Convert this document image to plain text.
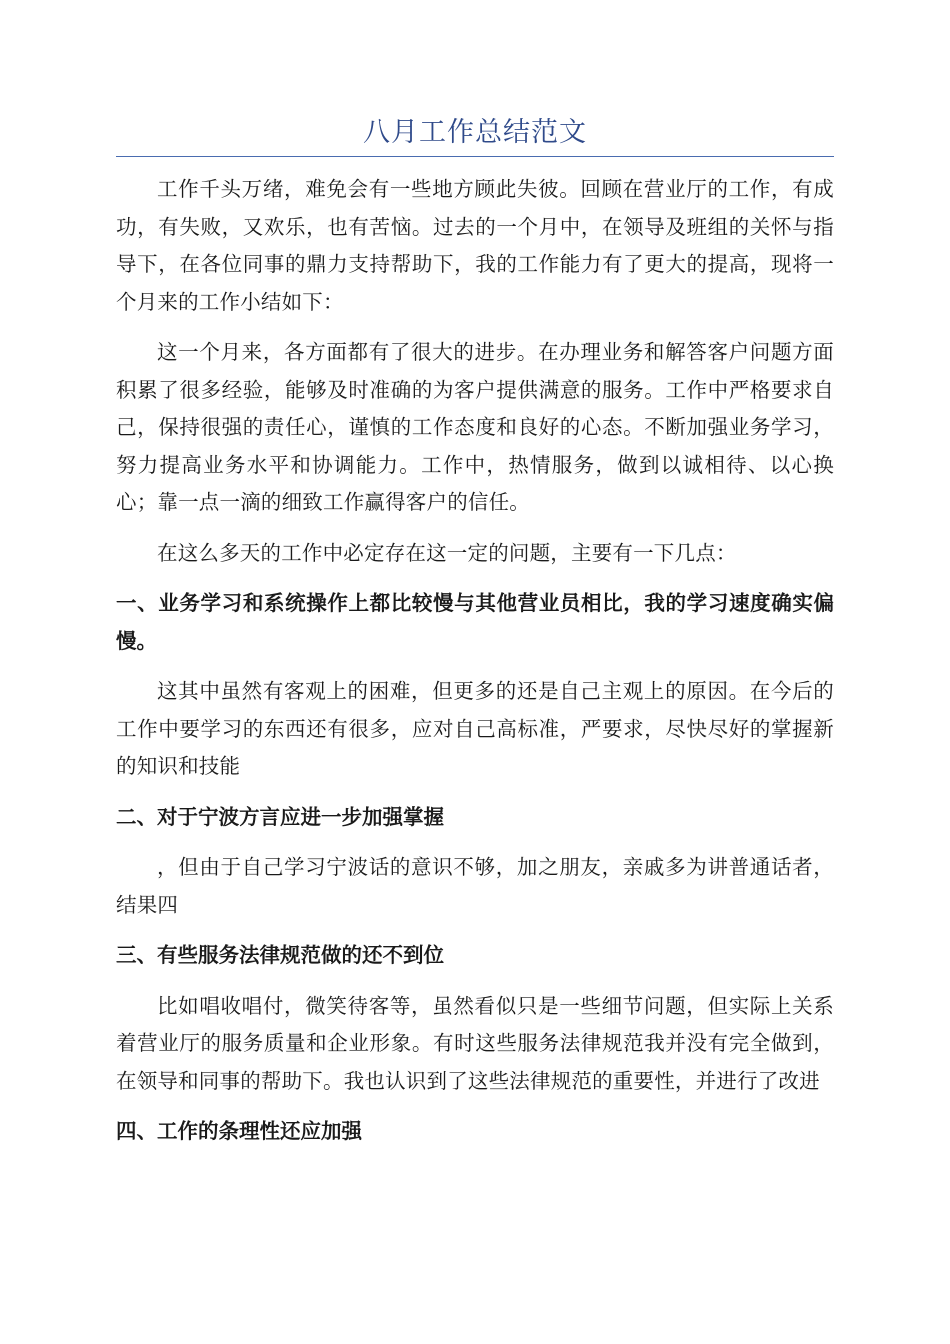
八月工作总结范文

工作千头万绪，难免会有一些地方顾此失彼。回顾在营业厅的工作，有成功，有失败，又欢乐，也有苦恼。过去的一个月中，在领导及班组的关怀与指导下，在各位同事的鼎力支持帮助下，我的工作能力有了更大的提高，现将一个月来的工作小结如下：

这一个月来，各方面都有了很大的进步。在办理业务和解答客户问题方面积累了很多经验，能够及时准确的为客户提供满意的服务。工作中严格要求自己，保持很强的责任心，谨慎的工作态度和良好的心态。不断加强业务学习，努力提高业务水平和协调能力。工作中，热情服务，做到以诚相待、以心换心；靠一点一滴的细致工作赢得客户的信任。

在这么多天的工作中必定存在这一定的问题，主要有一下几点：

一、业务学习和系统操作上都比较慢与其他营业员相比，我的学习速度确实偏慢。

这其中虽然有客观上的困难，但更多的还是自己主观上的原因。在今后的工作中要学习的东西还有很多，应对自己高标准，严要求，尽快尽好的掌握新的知识和技能

二、对于宁波方言应进一步加强掌握

，但由于自己学习宁波话的意识不够，加之朋友，亲戚多为讲普通话者，结果四

三、有些服务法律规范做的还不到位

比如唱收唱付，微笑待客等，虽然看似只是一些细节问题，但实际上关系着营业厅的服务质量和企业形象。有时这些服务法律规范我并没有完全做到，在领导和同事的帮助下。我也认识到了这些法律规范的重要性，并进行了改进

四、工作的条理性还应加强
